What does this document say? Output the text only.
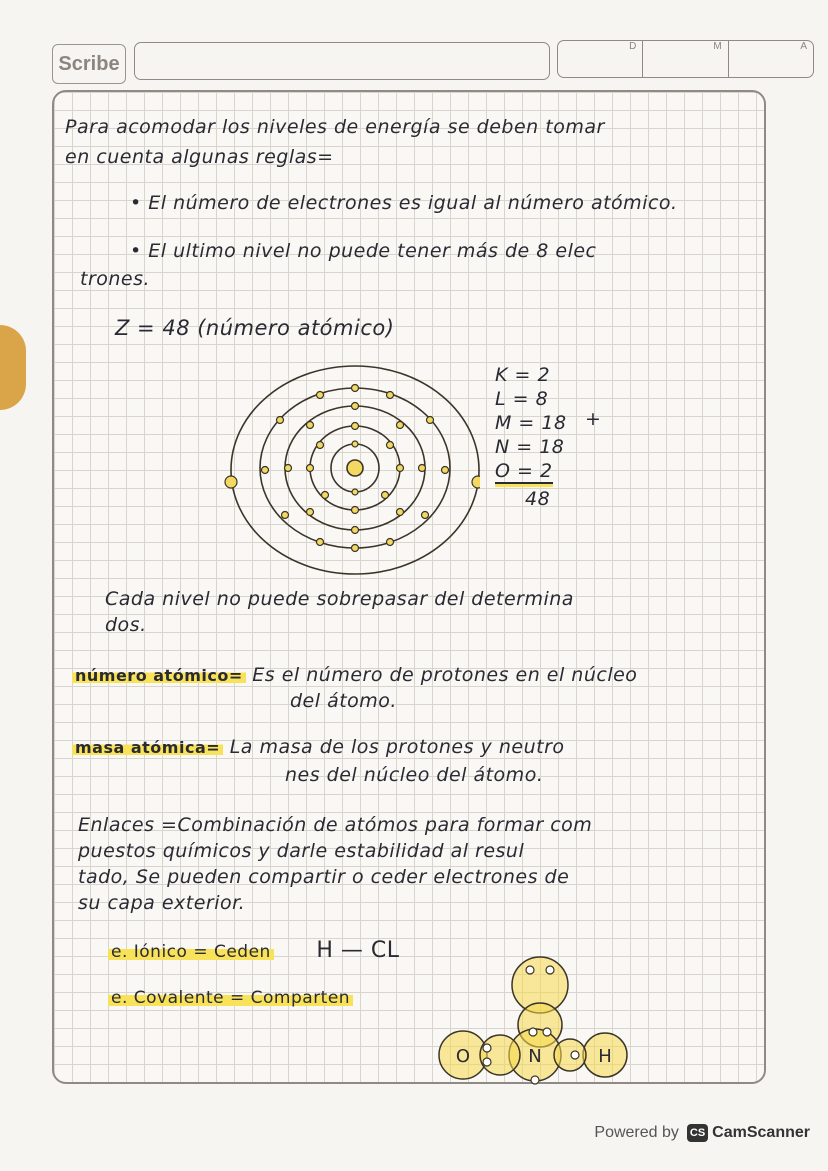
Scribe
D	M	A
Para acomodar los niveles de energía se deben tomar
en cuenta algunas reglas=
• El número de electrones es igual al número atómico.
• El ultimo nivel no puede tener más de 8 elec
trones.
Z = 48 (número atómico)
K = 2
L = 8
M = 18 +
N = 18
O = 2
48
Cada nivel no puede sobrepasar del determina
dos.
número atómico= Es el número de protones en el núcleo
del átomo.
masa atómica= La masa de los protones y neutro
nes del núcleo del átomo.
Enlaces =Combinación de atómos para formar com
puestos químicos y darle estabilidad al resul
tado, Se pueden compartir o ceder electrones de
su capa exterior.
e. Iónico = Ceden H — CL
e. Covalente = Comparten
O	N	H
Powered by CS CamScanner
